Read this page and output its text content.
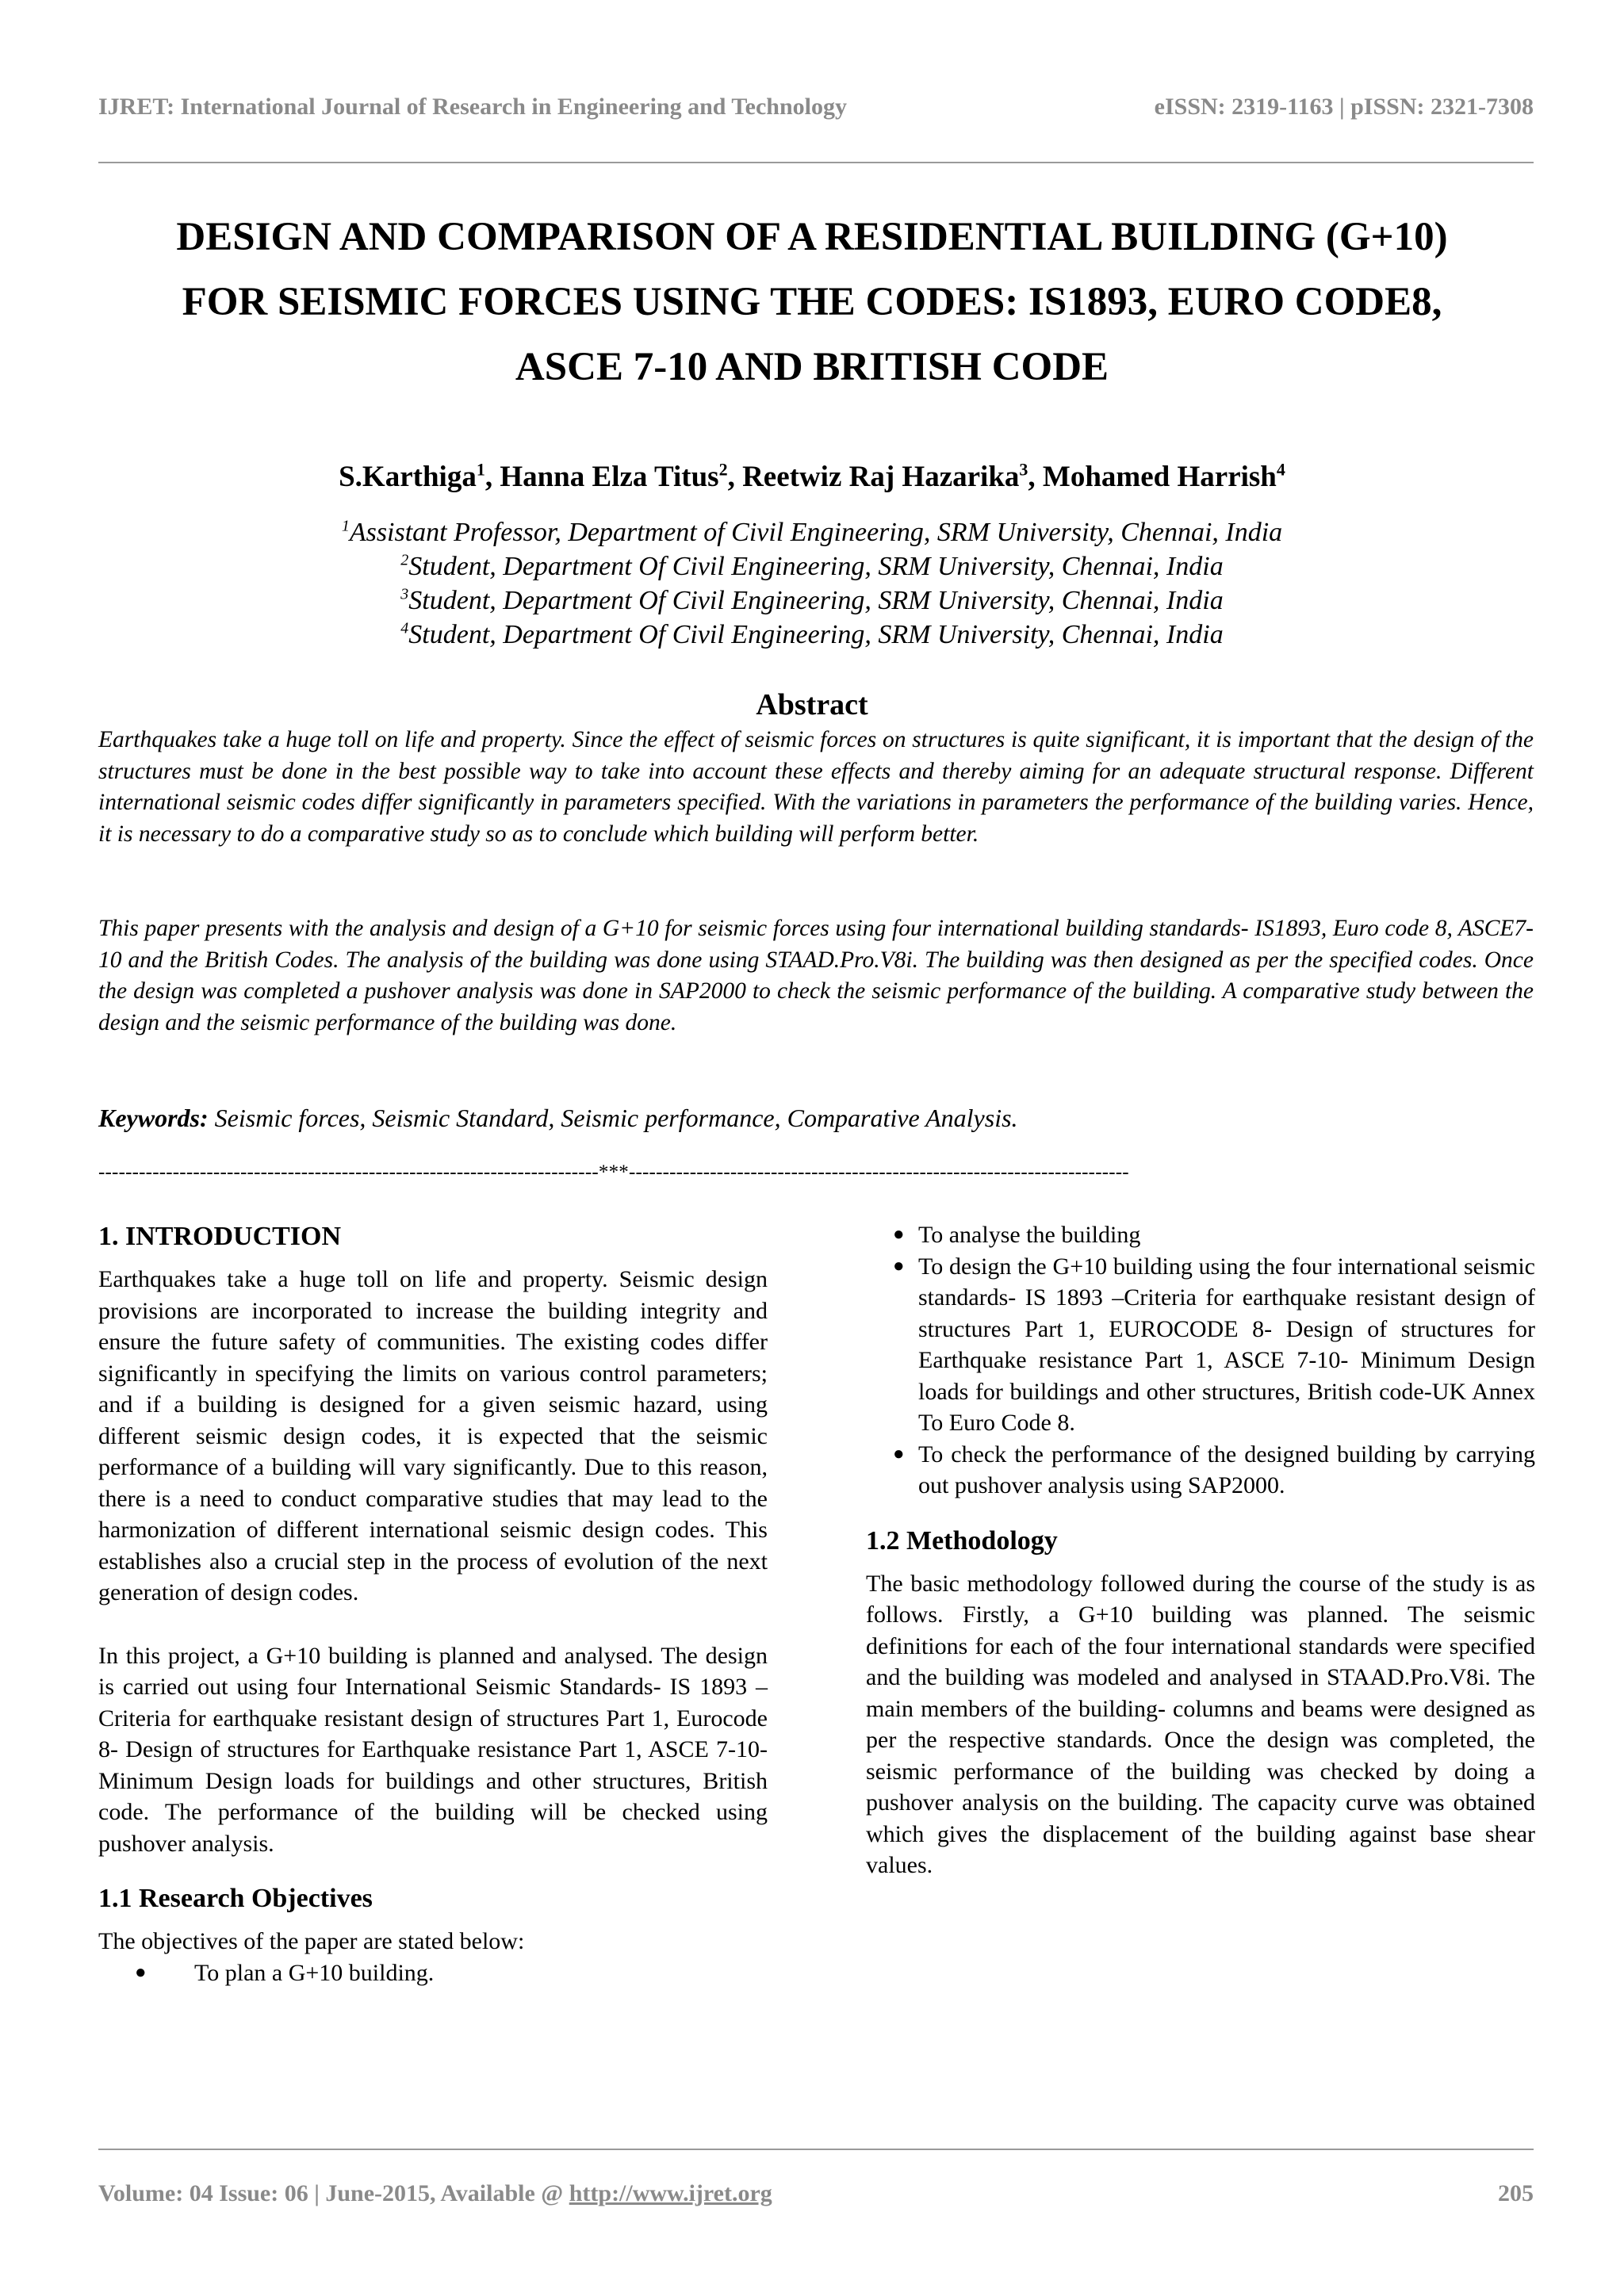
IJRET: International Journal of Research in Engineering and Technology	eISSN: 2319-1163 | pISSN: 2321-7308
DESIGN AND COMPARISON OF A RESIDENTIAL BUILDING (G+10)
FOR SEISMIC FORCES USING THE CODES: IS1893, EURO CODE8,
ASCE 7-10 AND BRITISH CODE
S.Karthiga$^1$, Hanna Elza Titus$^2$, Reetwiz Raj Hazarika$^3$, Mohamed Harrish$^4$
$^1$Assistant Professor, Department of Civil Engineering, SRM University, Chennai, India
$^2$Student, Department Of Civil Engineering, SRM University, Chennai, India
$^3$Student, Department Of Civil Engineering, SRM University, Chennai, India
$^4$Student, Department Of Civil Engineering, SRM University, Chennai, India
Abstract
Earthquakes take a huge toll on life and property. Since the effect of seismic forces on structures is quite significant, it is important that the design of the structures must be done in the best possible way to take into account these effects and thereby aiming for an adequate structural response. Different international seismic codes differ significantly in parameters specified. With the variations in parameters the performance of the building varies. Hence, it is necessary to do a comparative study so as to conclude which building will perform better.
This paper presents with the analysis and design of a G+10 for seismic forces using four international building standards- IS1893, Euro code 8, ASCE7-10 and the British Codes. The analysis of the building was done using STAAD.Pro.V8i. The building was then designed as per the specified codes. Once the design was completed a pushover analysis was done in SAP2000 to check the seismic performance of the building. A comparative study between the design and the seismic performance of the building was done.
Keywords: Seismic forces, Seismic Standard, Seismic performance, Comparative Analysis.
--------------------------------------------------------------------------***--------------------------------------------------------------------------
1. INTRODUCTION

Earthquakes take a huge toll on life and property. Seismic design provisions are incorporated to increase the building integrity and ensure the future safety of communities. The existing codes differ significantly in specifying the limits on various control parameters; and if a building is designed for a given seismic hazard, using different seismic design codes, it is expected that the seismic performance of a building will vary significantly. Due to this reason, there is a need to conduct comparative studies that may lead to the harmonization of different international seismic design codes. This establishes also a crucial step in the process of evolution of the next generation of design codes.

In this project, a G+10 building is planned and analysed. The design is carried out using four International Seismic Standards- IS 1893 –Criteria for earthquake resistant design of structures Part 1, Eurocode 8- Design of structures for Earthquake resistance Part 1, ASCE 7-10- Minimum Design loads for buildings and other structures, British code. The performance of the building will be checked using pushover analysis.

1.1 Research Objectives

The objectives of the paper are stated below:

●	To plan a G+10 building.
● To analyse the building
● To design the G+10 building using the four international seismic standards- IS 1893 –Criteria for earthquake resistant design of structures Part 1, EUROCODE 8- Design of structures for Earthquake resistance Part 1, ASCE 7-10- Minimum Design loads for buildings and other structures, British code-UK Annex To Euro Code 8.
● To check the performance of the designed building by carrying out pushover analysis using SAP2000.
1.2 Methodology

The basic methodology followed during the course of the study is as follows. Firstly, a G+10 building was planned. The seismic definitions for each of the four international standards were specified and the building was modeled and analysed in STAAD.Pro.V8i. The main members of the building- columns and beams were designed as per the respective standards. Once the design was completed, the seismic performance of the building was checked by doing a pushover analysis on the building. The capacity curve was obtained which gives the displacement of the building against base shear values.

Volume: 04 Issue: 06 | June-2015, Available @ http://www.ijret.org	205
